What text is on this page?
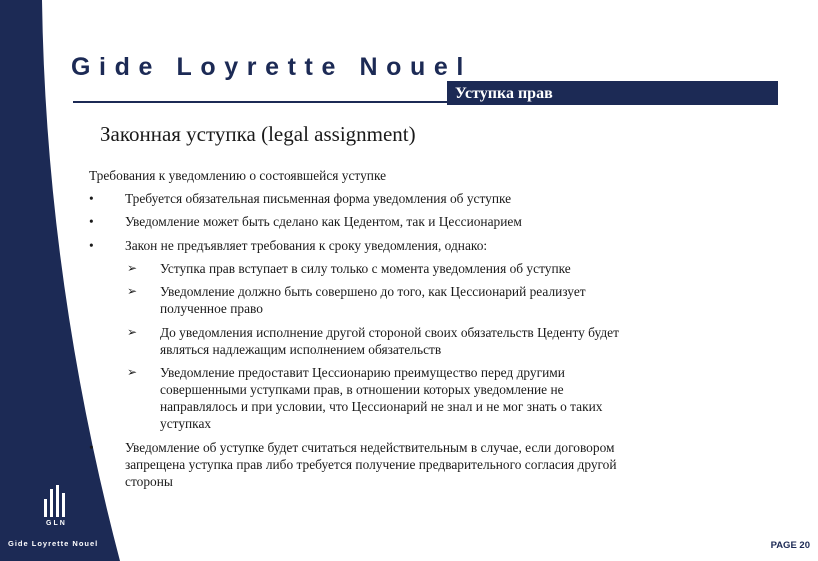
Gide Loyrette Nouel
Уступка прав
Законная уступка (legal assignment)
Требования к уведомлению о состоявшейся уступке
• Требуется обязательная письменная форма уведомления об уступке
• Уведомление может быть сделано как Цедентом, так и Цессионарием
• Закон не предъявляет требования к сроку уведомления, однако:
➢ Уступка прав вступает в силу только с момента уведомления об уступке
➢ Уведомление должно быть совершено до того, как Цессионарий реализует
полученное право
➢ До уведомления исполнение другой стороной своих обязательств Цеденту будет
являться надлежащим исполнением обязательств
➢ Уведомление предоставит Цессионарию преимущество перед другими
совершенными уступками прав, в отношении которых уведомление не
направлялось и при условии, что Цессионарий не знал и не мог знать о таких
уступках
• Уведомление об уступке будет считаться недействительным в случае, если договором
запрещена уступка прав либо требуется получение предварительного согласия другой
стороны
GLN
Gide Loyrette Nouel	PAGE 20
